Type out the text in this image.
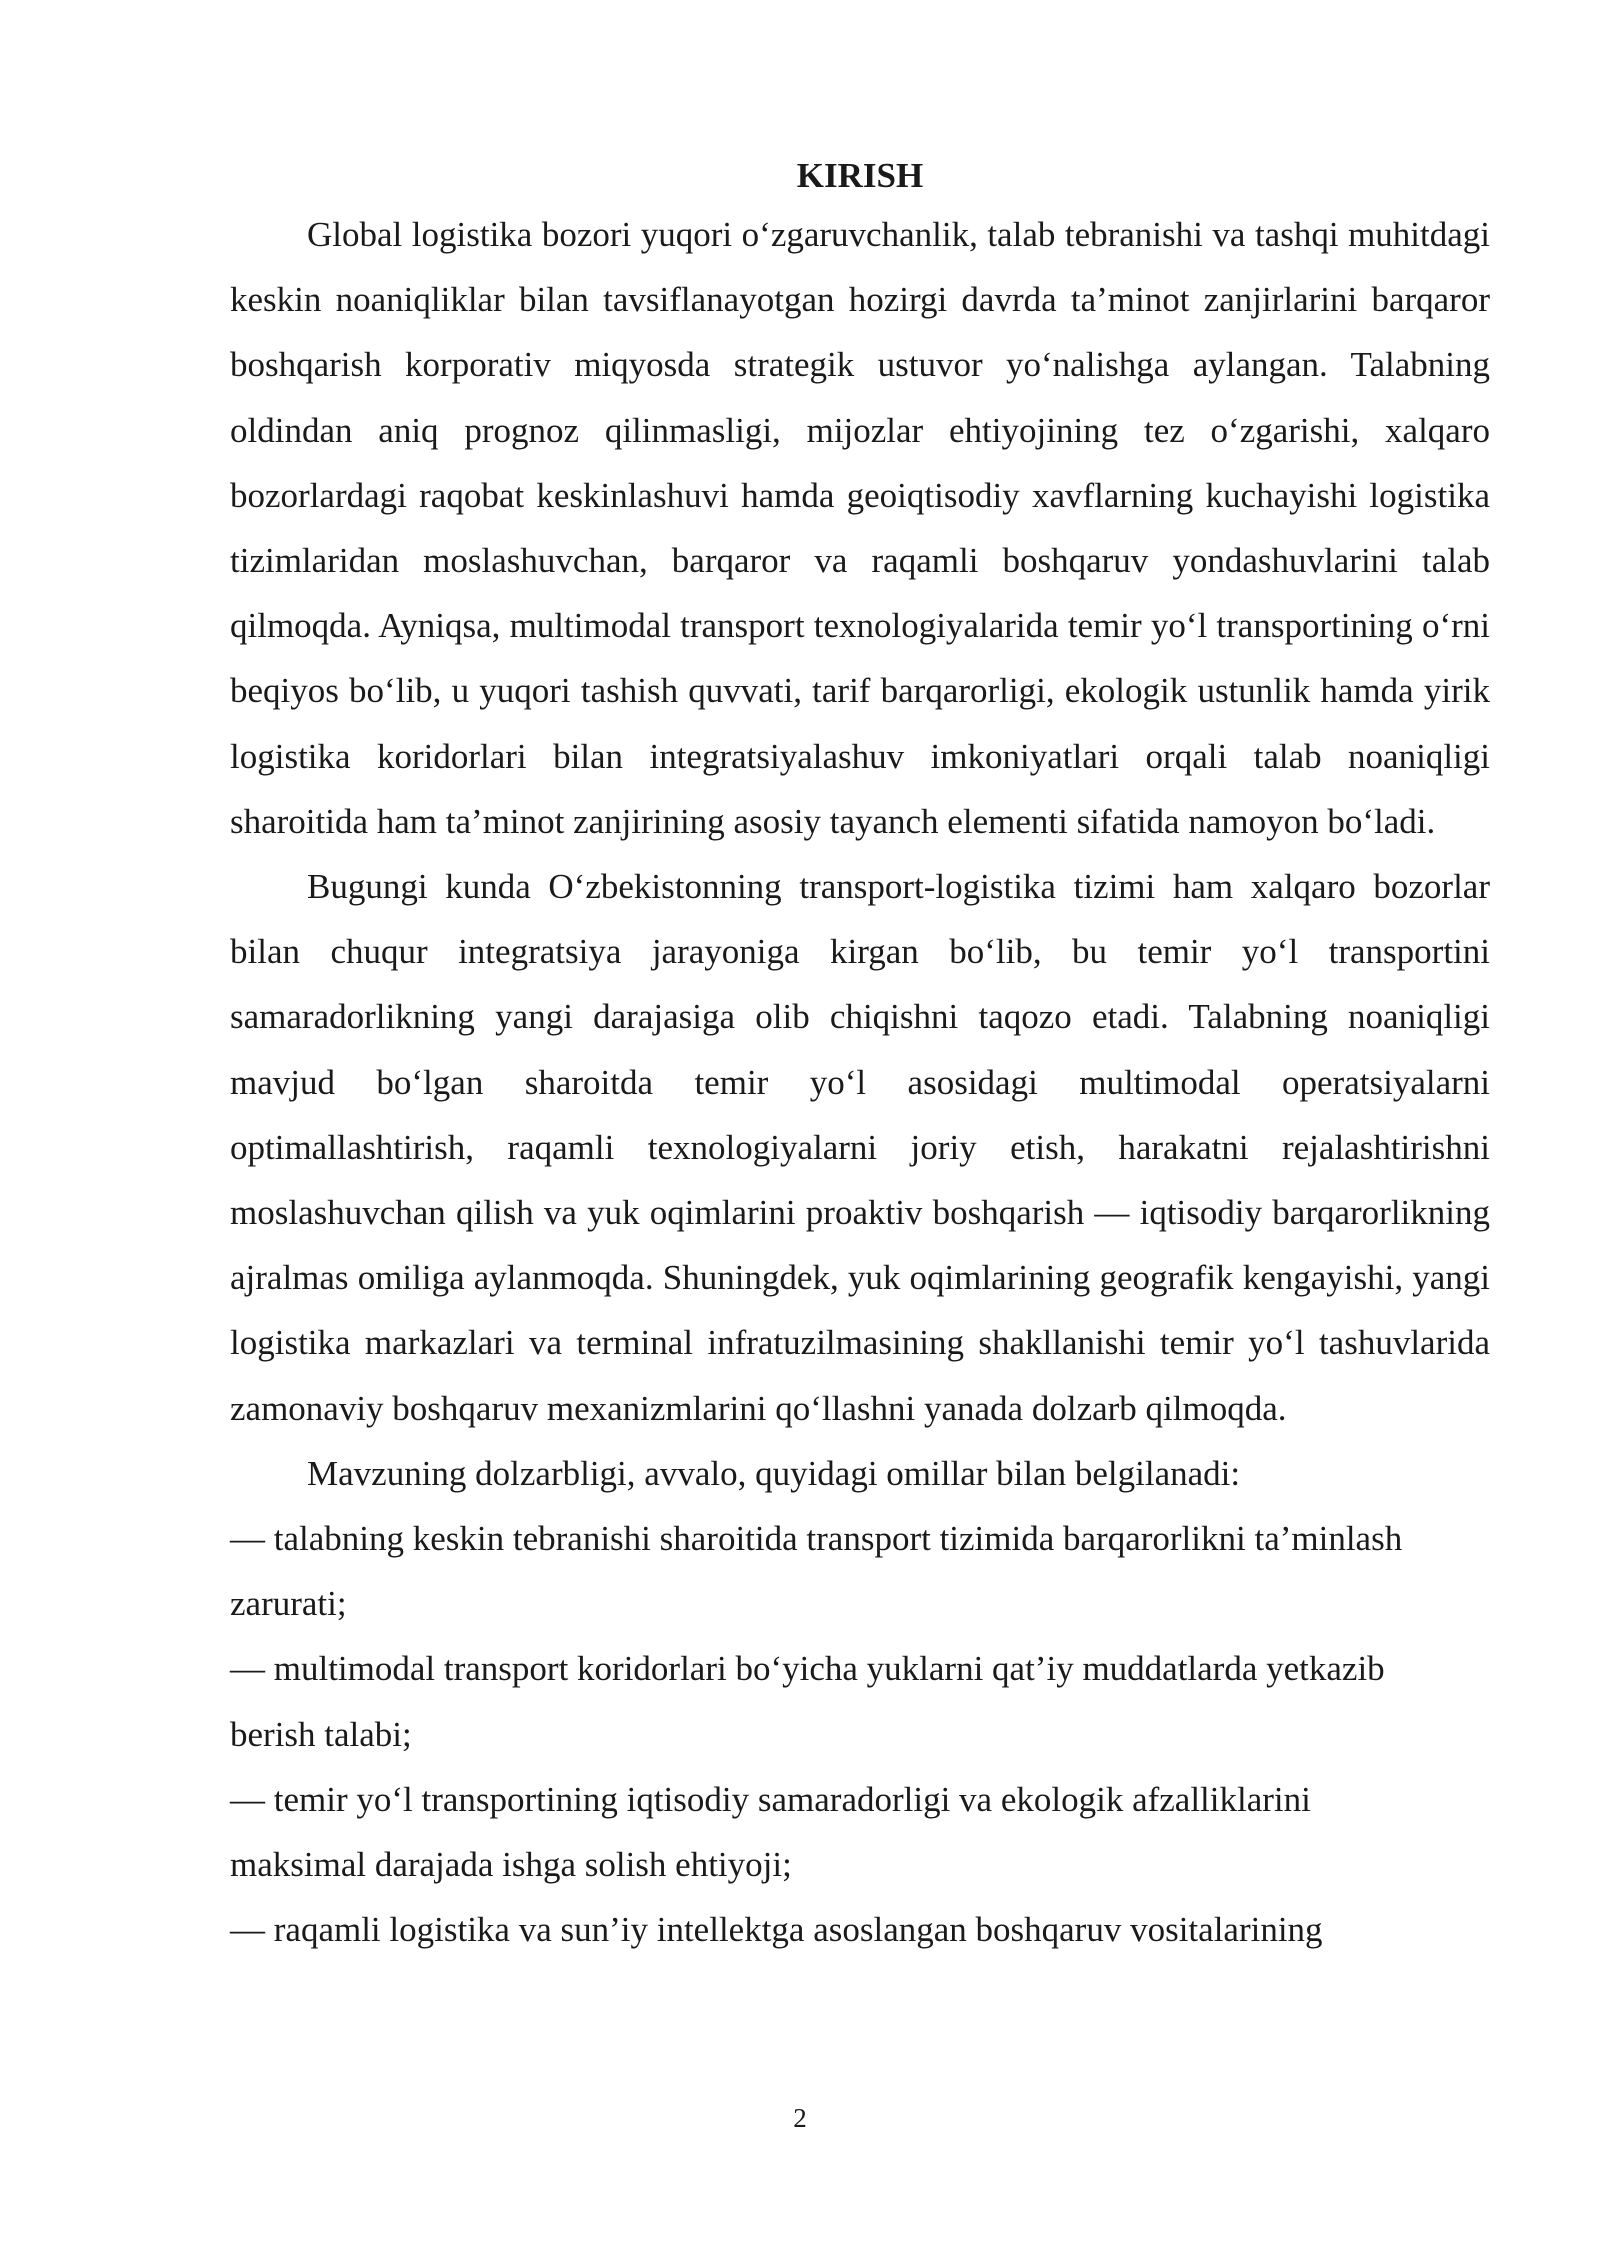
KIRISH

Global logistika bozori yuqori o‘zgaruvchanlik, talab tebranishi va tashqi muhitdagi keskin noaniqliklar bilan tavsiflanayotgan hozirgi davrda ta’minot zanjirlarini barqaror boshqarish korporativ miqyosda strategik ustuvor yo‘nalishga aylangan. Talabning oldindan aniq prognoz qilinmasligi, mijozlar ehtiyojining tez o‘zgarishi, xalqaro bozorlardagi raqobat keskinlashuvi hamda geoiqtisodiy xavflarning kuchayishi logistika tizimlaridan moslashuvchan, barqaror va raqamli boshqaruv yondashuvlarini talab qilmoqda. Ayniqsa, multimodal transport texnologiyalarida temir yo‘l transportining o‘rni beqiyos bo‘lib, u yuqori tashish quvvati, tarif barqarorligi, ekologik ustunlik hamda yirik logistika koridorlari bilan integratsiyalashuv imkoniyatlari orqali talab noaniqligi sharoitida ham ta’minot zanjirining asosiy tayanch elementi sifatida namoyon bo‘ladi.

Bugungi kunda O‘zbekistonning transport-logistika tizimi ham xalqaro bozorlar bilan chuqur integratsiya jarayoniga kirgan bo‘lib, bu temir yo‘l transportini samaradorlikning yangi darajasiga olib chiqishni taqozo etadi. Talabning noaniqligi mavjud bo‘lgan sharoitda temir yo‘l asosidagi multimodal operatsiyalarni optimallashtirish, raqamli texnologiyalarni joriy etish, harakatni rejalashtirishni moslashuvchan qilish va yuk oqimlarini proaktiv boshqarish — iqtisodiy barqarorlikning ajralmas omiliga aylanmoqda. Shuningdek, yuk oqimlarining geografik kengayishi, yangi logistika markazlari va terminal infratuzilmasining shakllanishi temir yo‘l tashuvlarida zamonaviy boshqaruv mexanizmlarini qo‘llashni yanada dolzarb qilmoqda.

Mavzuning dolzarbligi, avvalo, quyidagi omillar bilan belgilanadi:

— talabning keskin tebranishi sharoitida transport tizimida barqarorlikni ta’minlash zarurati;
— multimodal transport koridorlari bo‘yicha yuklarni qat’iy muddatlarda yetkazib berish talabi;
— temir yo‘l transportining iqtisodiy samaradorligi va ekologik afzalliklarini maksimal darajada ishga solish ehtiyoji;
— raqamli logistika va sun’iy intellektga asoslangan boshqaruv vositalarining
2
